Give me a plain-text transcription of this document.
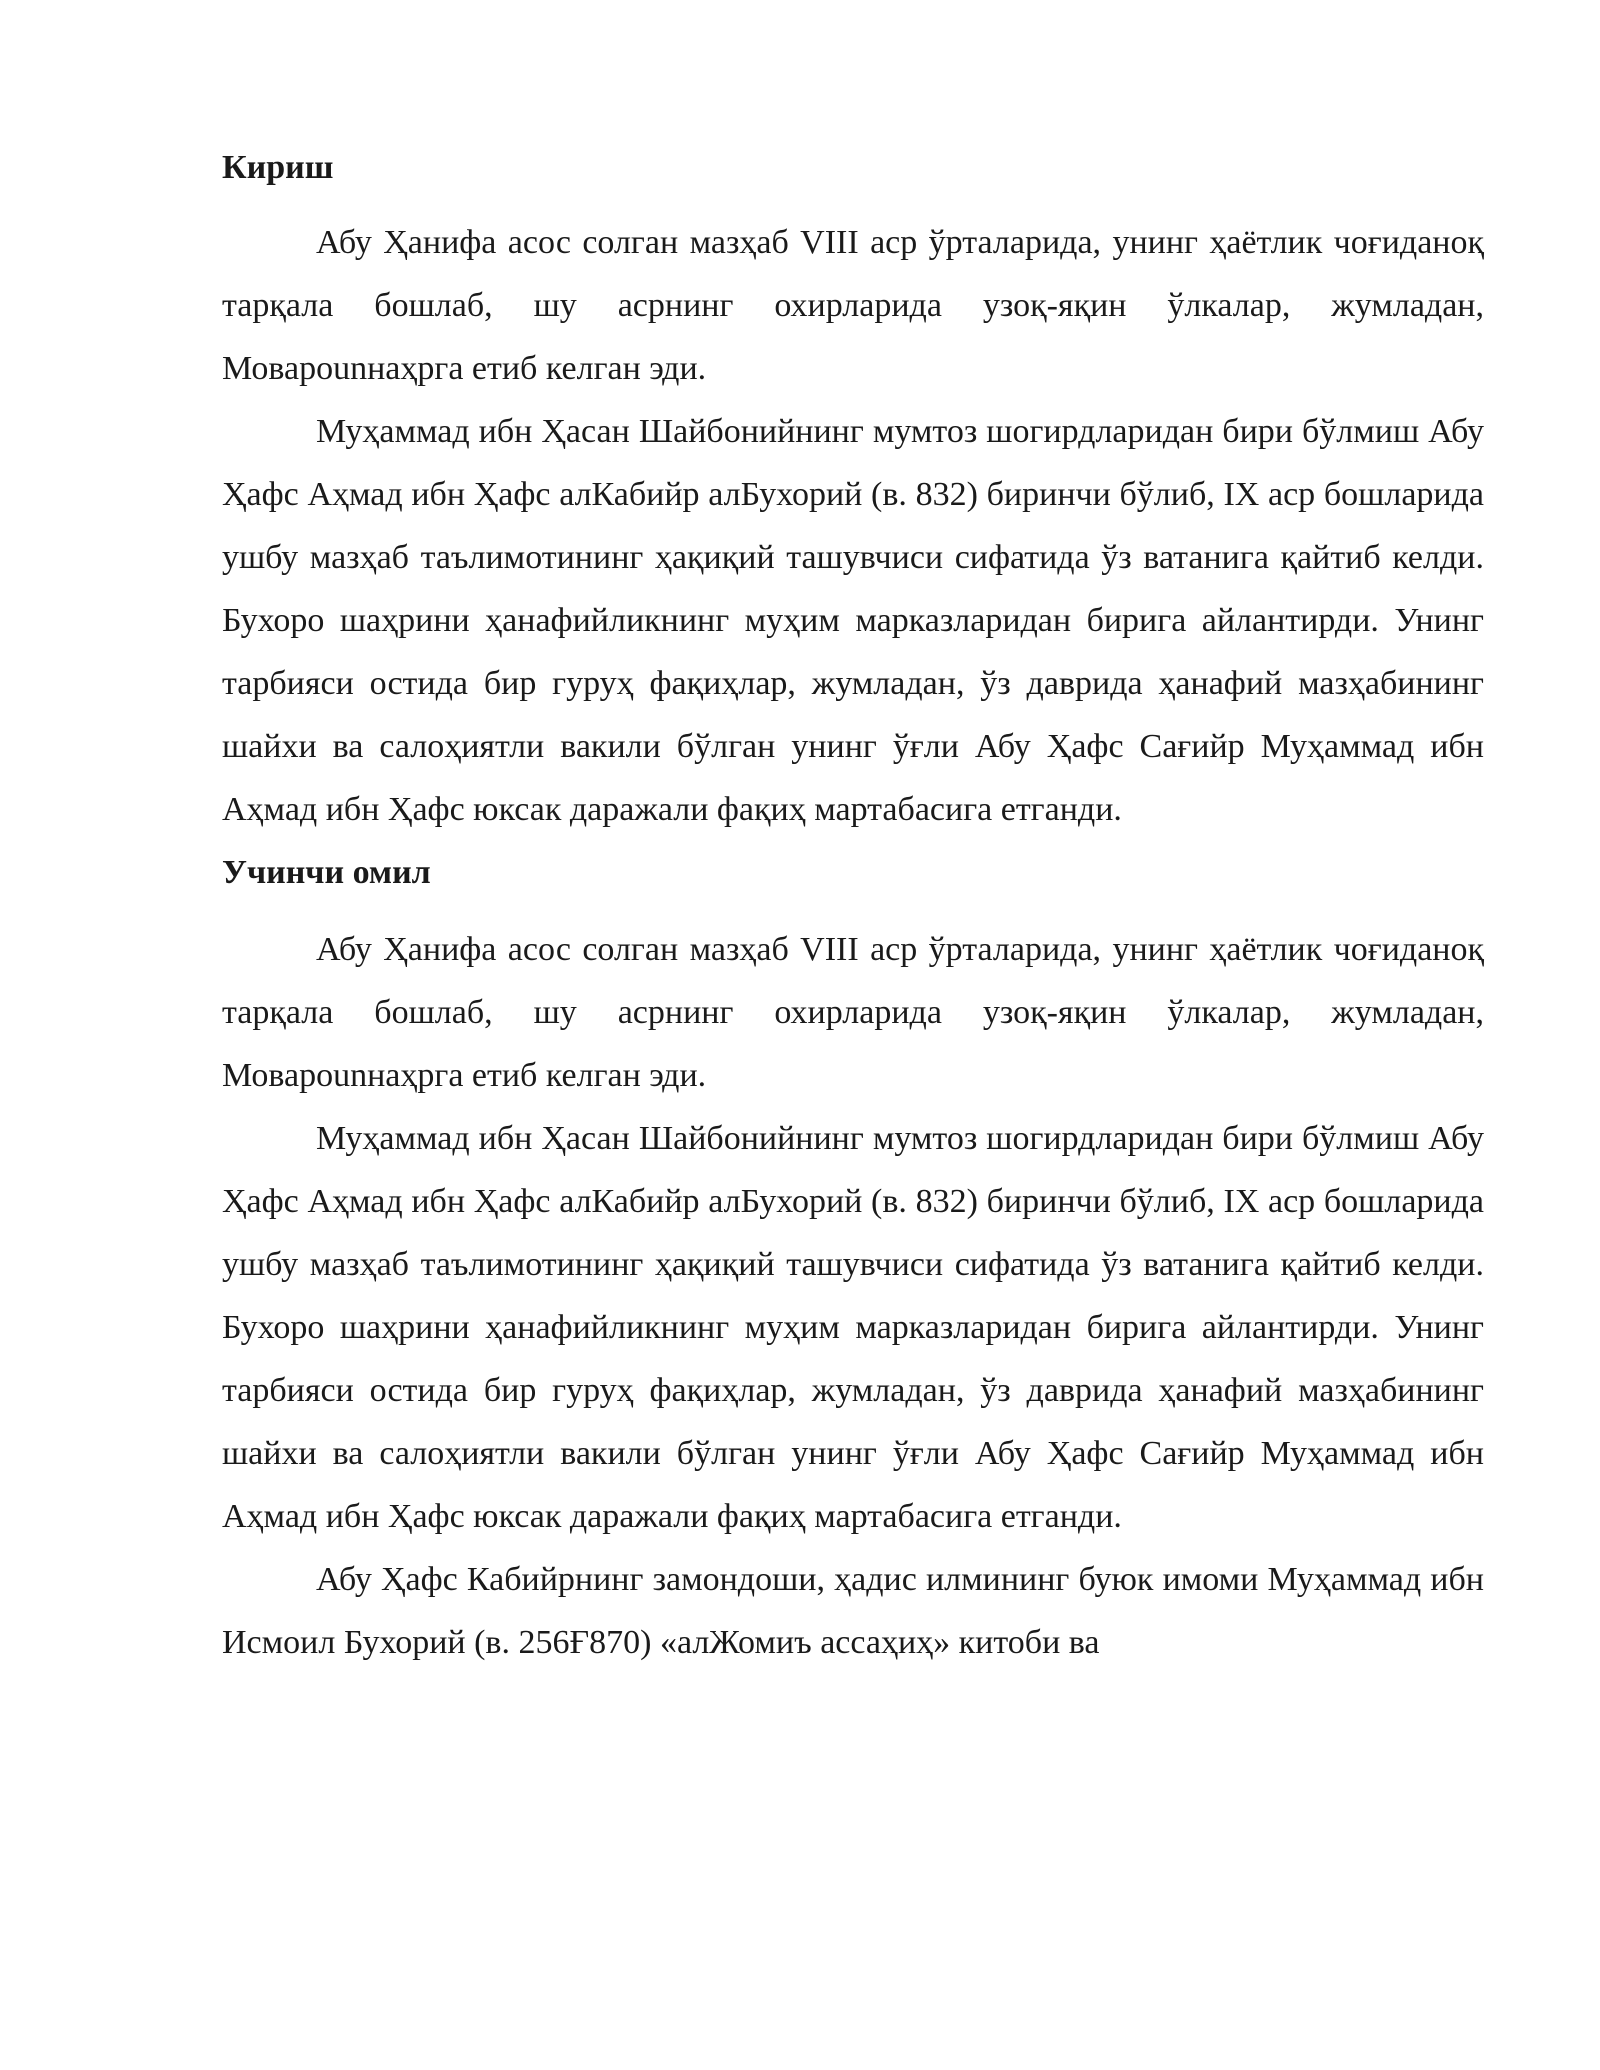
Кириш

Абу Ҳанифа асос солган мазҳаб VIII аср ўрталарида, унинг ҳаётлик чоғиданоқ тарқала бошлаб, шу асрнинг охирларида узоқ-яқин ўлкалар, жумладан, Моварounнаҳрга етиб келган эди.

Муҳаммад ибн Ҳасан Шайбонийнинг мумтоз шогирдларидан бири бўлмиш Абу Ҳафс Аҳмад ибн Ҳафс алКабийр алБухорий (в. 832) биринчи бўлиб, IX аср бошларида ушбу мазҳаб таълимотининг ҳақиқий ташувчиси сифатида ўз ватанига қайтиб келди. Бухоро шаҳрини ҳанафийликнинг муҳим марказларидан бирига айлантирди. Унинг тарбияси остида бир гуруҳ фақиҳлар, жумладан, ўз даврида ҳанафий мазҳабининг шайхи ва салоҳиятли вакили бўлган унинг ўғли Абу Ҳафс Сағийр Муҳаммад ибн Аҳмад ибн Ҳафс юксак даражали фақиҳ мартабасига етганди.

Учинчи омил

Абу Ҳанифа асос солган мазҳаб VIII аср ўрталарида, унинг ҳаётлик чоғиданоқ тарқала бошлаб, шу асрнинг охирларида узоқ-яқин ўлкалар, жумладан, Моварounнаҳрга етиб келган эди.

Муҳаммад ибн Ҳасан Шайбонийнинг мумтоз шогирдларидан бири бўлмиш Абу Ҳафс Аҳмад ибн Ҳафс алКабийр алБухорий (в. 832) биринчи бўлиб, IX аср бошларида ушбу мазҳаб таълимотининг ҳақиқий ташувчиси сифатида ўз ватанига қайтиб келди. Бухоро шаҳрини ҳанафийликнинг муҳим марказларидан бирига айлантирди. Унинг тарбияси остида бир гуруҳ фақиҳлар, жумладан, ўз даврида ҳанафий мазҳабининг шайхи ва салоҳиятли вакили бўлган унинг ўғли Абу Ҳафс Сағийр Муҳаммад ибн Аҳмад ибн Ҳафс юксак даражали фақиҳ мартабасига етганди.

Абу Ҳафс Кабийрнинг замондоши, ҳадис илмининг буюк имоми Муҳаммад ибн Исмоил Бухорий (в. 256Ғ870) «алЖомиъ ассаҳиҳ» китоби ва
